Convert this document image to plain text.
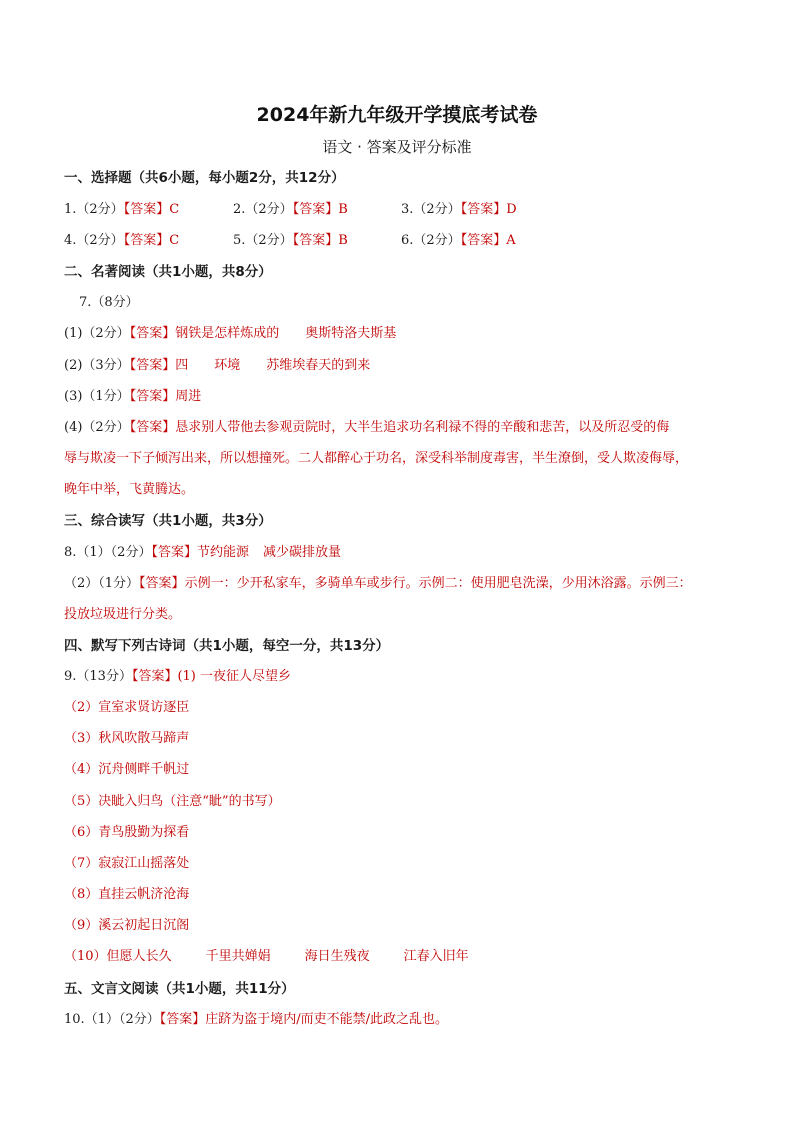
2024年新九年级开学摸底考试卷
语文 · 答案及评分标准
一、选择题（共6小题，每小题2分，共12分）
1.（2分）【答案】C	2.（2分）【答案】B	3.（2分）【答案】D
4.（2分）【答案】C	5.（2分）【答案】B	6.（2分）【答案】A
二、名著阅读（共1小题，共8分）
7.（8分）
(1)（2分）【答案】钢铁是怎样炼成的 奥斯特洛夫斯基
(2)（3分）【答案】四 环境 苏维埃春天的到来
(3)（1分）【答案】周进
(4)（2分）【答案】恳求别人带他去参观贡院时，大半生追求功名利禄不得的辛酸和悲苦，以及所忍受的侮
辱与欺凌一下子倾泻出来，所以想撞死。二人都醉心于功名，深受科举制度毒害，半生潦倒，受人欺凌侮辱，
晚年中举，飞黄腾达。
三、综合读写（共1小题，共3分）
8.（1）（2分）【答案】节约能源 减少碳排放量
（2）（1分）【答案】示例一：少开私家车，多骑单车或步行。示例二：使用肥皂洗澡，少用沐浴露。示例三：
投放垃圾进行分类。
四、默写下列古诗词（共1小题，每空一分，共13分）
9.（13分）【答案】(1) 一夜征人尽望乡
（2）宣室求贤访逐臣
（3）秋风吹散马蹄声
（4）沉舟侧畔千帆过
（5）决眦入归鸟（注意“眦”的书写）
（6）青鸟殷勤为探看
（7）寂寂江山摇落处
（8）直挂云帆济沧海
（9）溪云初起日沉阁
（10）但愿人长久	千里共婵娟	海日生残夜	江春入旧年
五、文言文阅读（共1小题，共11分）
10.（1）（2分）【答案】庄跻为盗于境内/而吏不能禁/此政之乱也。
